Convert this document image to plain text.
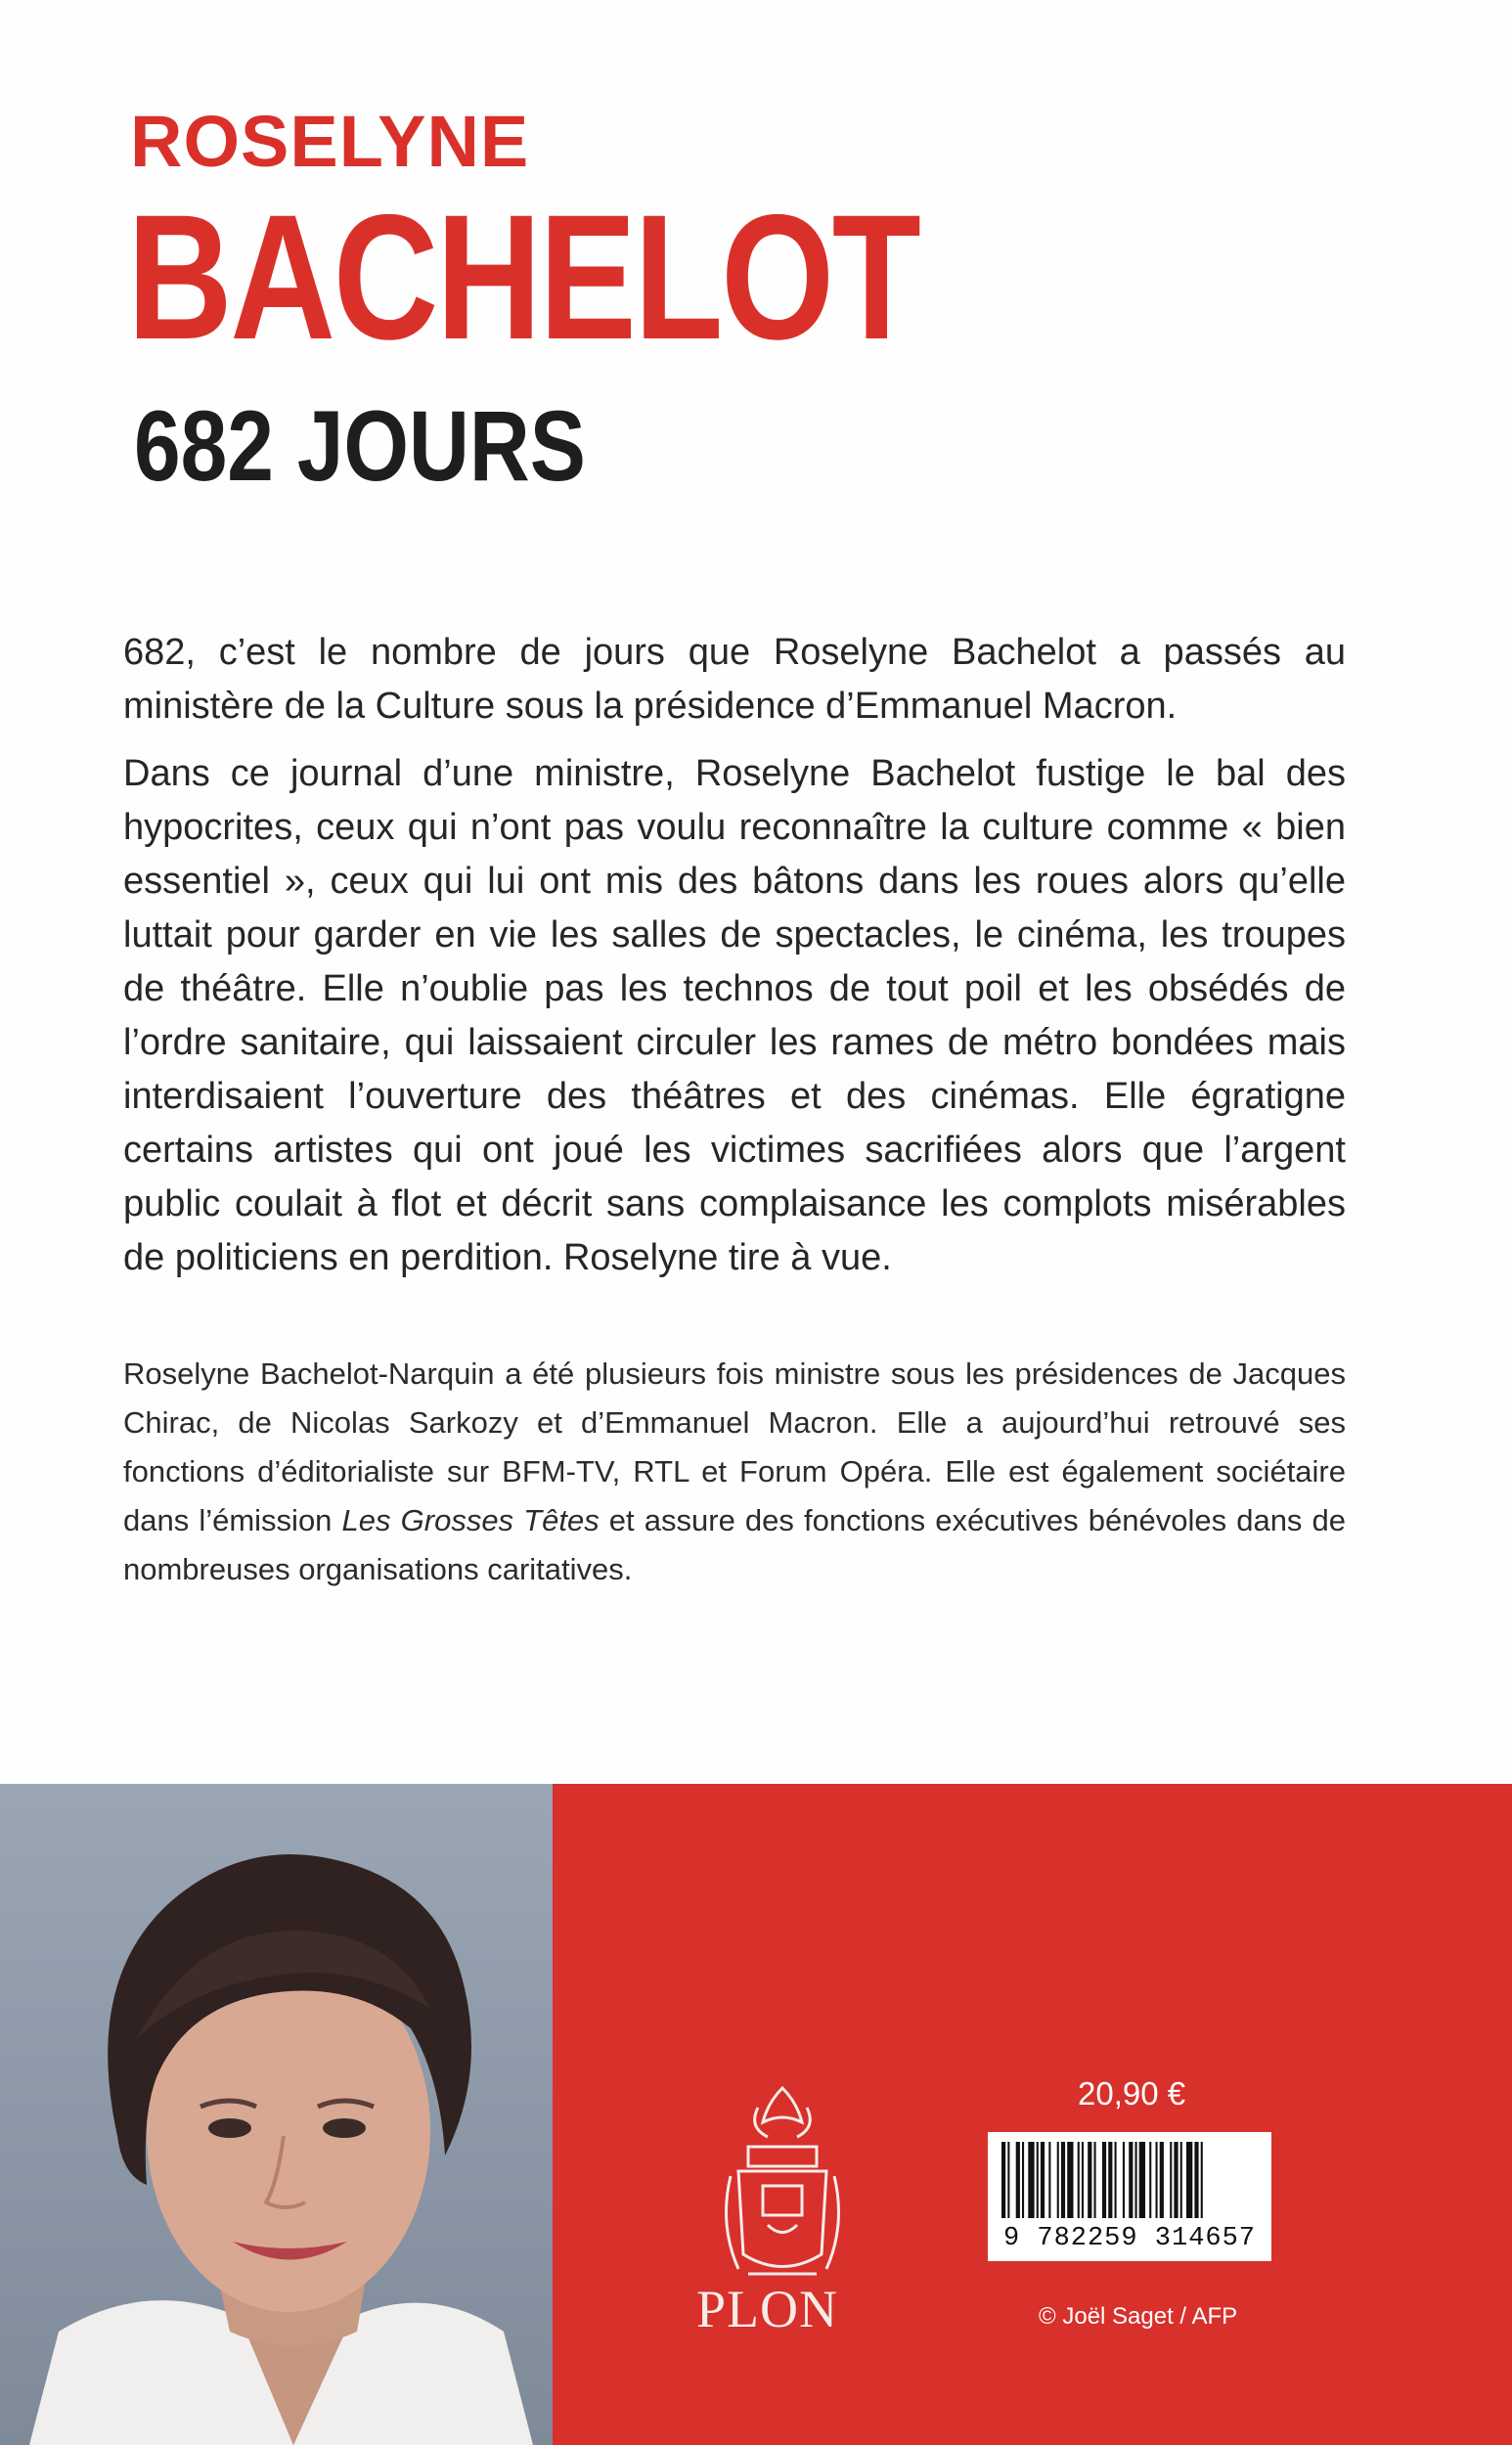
ROSELYNE
BACHELOT
682 JOURS

682, c’est le nombre de jours que Roselyne Bachelot a passés au ministère de la Culture sous la présidence d’Emmanuel Macron.

Dans ce journal d’une ministre, Roselyne Bachelot fustige le bal des hypocrites, ceux qui n’ont pas voulu reconnaître la culture comme « bien essentiel », ceux qui lui ont mis des bâtons dans les roues alors qu’elle luttait pour garder en vie les salles de spectacles, le cinéma, les troupes de théâtre. Elle n’oublie pas les technos de tout poil et les obsédés de l’ordre sanitaire, qui laissaient circuler les rames de métro bondées mais interdisaient l’ouverture des théâtres et des cinémas. Elle égratigne certains artistes qui ont joué les victimes sacrifiées alors que l’argent public coulait à flot et décrit sans complaisance les complots misérables de politiciens en perdition. Roselyne tire à vue.

Roselyne Bachelot-Narquin a été plusieurs fois ministre sous les présidences de Jacques Chirac, de Nicolas Sarkozy et d’Emmanuel Macron. Elle a aujourd’hui retrouvé ses fonctions d’éditorialiste sur BFM-TV, RTL et Forum Opéra. Elle est également sociétaire dans l’émission Les Grosses Têtes et assure des fonctions exécutives bénévoles dans de nombreuses organisations caritatives.

PLON
20,90 €
9 782259 314657
© Joël Saget / AFP
